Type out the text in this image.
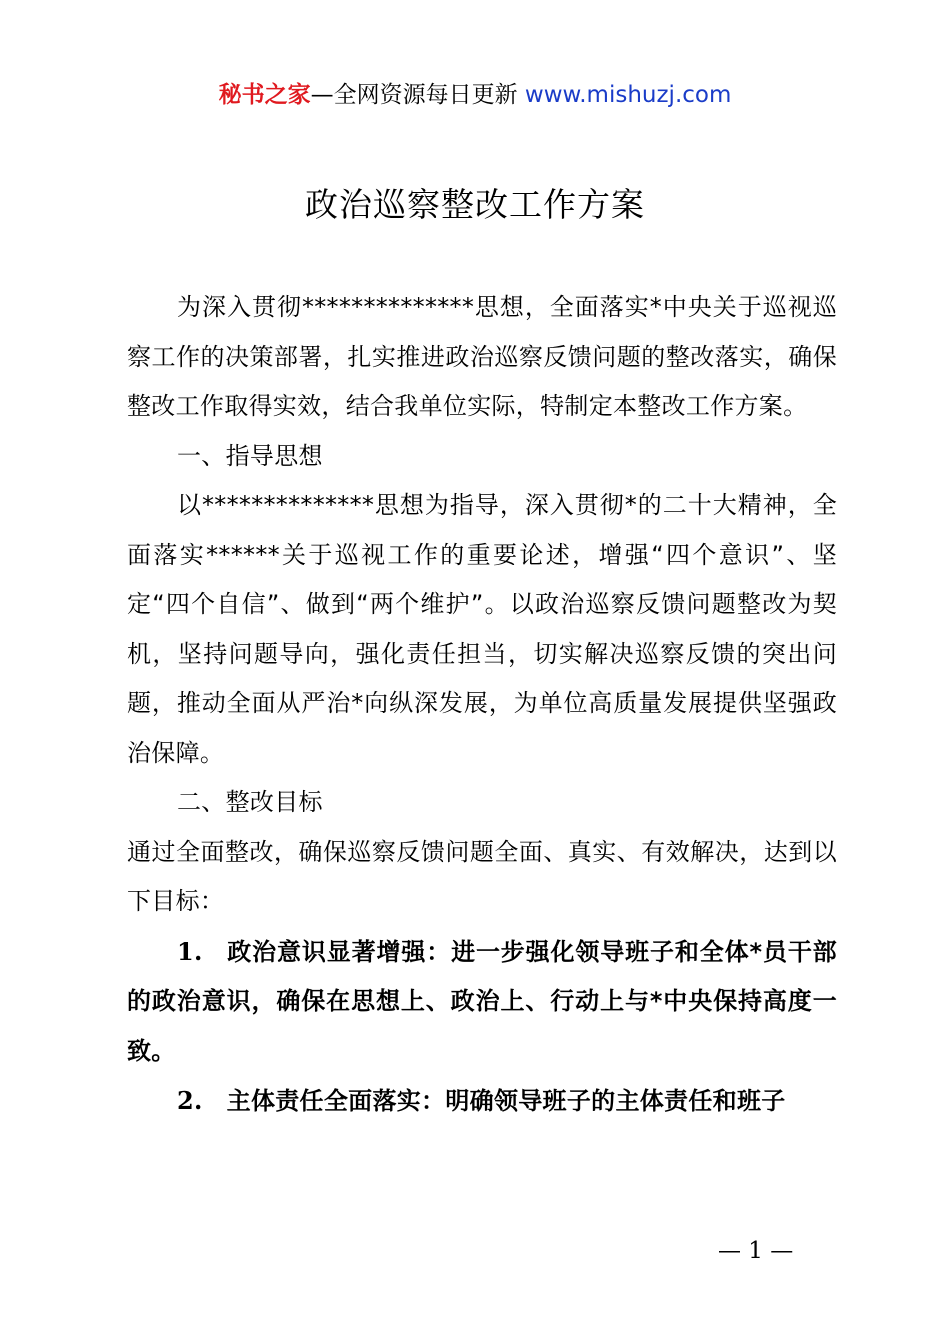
秘书之家—全网资源每日更新 www.mishuzj.com
政治巡察整改工作方案

为深入贯彻**************思想，全面落实*中央关于巡视巡察工作的决策部署，扎实推进政治巡察反馈问题的整改落实，确保整改工作取得实效，结合我单位实际，特制定本整改工作方案。

一、指导思想

以**************思想为指导，深入贯彻*的二十大精神，全面落实******关于巡视工作的重要论述，增强“四个意识”、坚定“四个自信”、做到“两个维护”。以政治巡察反馈问题整改为契机，坚持问题导向，强化责任担当，切实解决巡察反馈的突出问题，推动全面从严治*向纵深发展，为单位高质量发展提供坚强政治保障。

二、整改目标

通过全面整改，确保巡察反馈问题全面、真实、有效解决，达到以下目标：

1. 政治意识显著增强：进一步强化领导班子和全体*员干部的政治意识，确保在思想上、政治上、行动上与*中央保持高度一致。

2. 主体责任全面落实：明确领导班子的主体责任和班子

— 1 —
